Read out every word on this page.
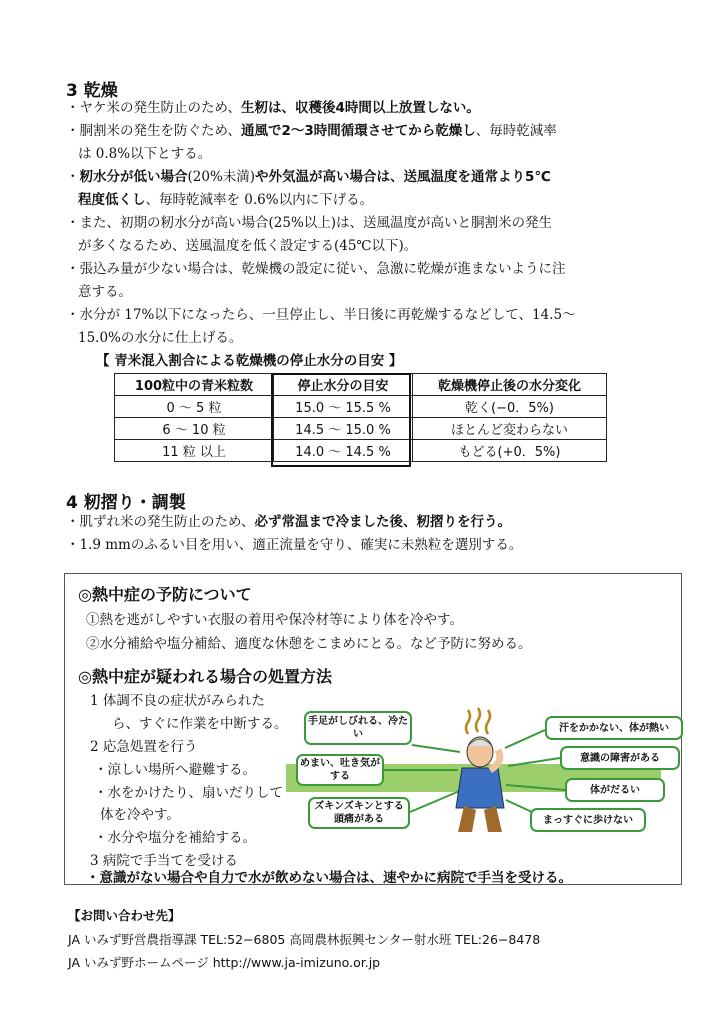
3 乾燥
・ヤケ米の発生防止のため、生籾は、収穫後4時間以上放置しない。
・胴割米の発生を防ぐため、通風で2〜3時間循環させてから乾燥し、毎時乾減率
は 0.8%以下とする。
・籾水分が低い場合(20%未満)や外気温が高い場合は、送風温度を通常より5℃
程度低くし、毎時乾減率を 0.6%以内に下げる。
・また、初期の籾水分が高い場合(25%以上)は、送風温度が高いと胴割米の発生
が多くなるため、送風温度を低く設定する(45℃以下)。
・張込み量が少ない場合は、乾燥機の設定に従い、急激に乾燥が進まないように注
意する。
・水分が 17%以下になったら、一旦停止し、半日後に再乾燥するなどして、14.5〜
15.0%の水分に仕上げる。
【 青米混入割合による乾燥機の停止水分の目安 】
100粒中の青米粒数	停止水分の目安	乾燥機停止後の水分変化
0 〜 5 粒	15.0 〜 15.5 %	乾く(−0．5%)
6 〜 10 粒	14.5 〜 15.0 %	ほとんど変わらない
11 粒 以上	14.0 〜 14.5 %	もどる(+0．5%)
4 籾摺り・調製
・肌ずれ米の発生防止のため、必ず常温まで冷ました後、籾摺りを行う。
・1.9 mmのふるい目を用い、適正流量を守り、確実に未熟粒を選別する。
◎熱中症の予防について
①熱を逃がしやすい衣服の着用や保冷材等により体を冷やす。
②水分補給や塩分補給、適度な休憩をこまめにとる。など予防に努める。
◎熱中症が疑われる場合の処置方法
1 体調不良の症状がみられた
ら、すぐに作業を中断する。
2 応急処置を行う
・涼しい場所へ避難する。
・水をかけたり、扇いだりして
体を冷やす。
・水分や塩分を補給する。
3 病院で手当てを受ける
・意識がない場合や自力で水が飲めない場合は、速やかに病院で手当を受ける。
手足がしびれる、冷たい
めまい、吐き気がする
ズキンズキンとする頭痛がある
汗をかかない、体が熱い
意識の障害がある
体がだるい
まっすぐに歩けない
【お問い合わせ先】
JA いみず野営農指導課 TEL:52−6805 高岡農林振興センター射水班 TEL:26−8478
JA いみず野ホームページ http://www.ja-imizuno.or.jp
